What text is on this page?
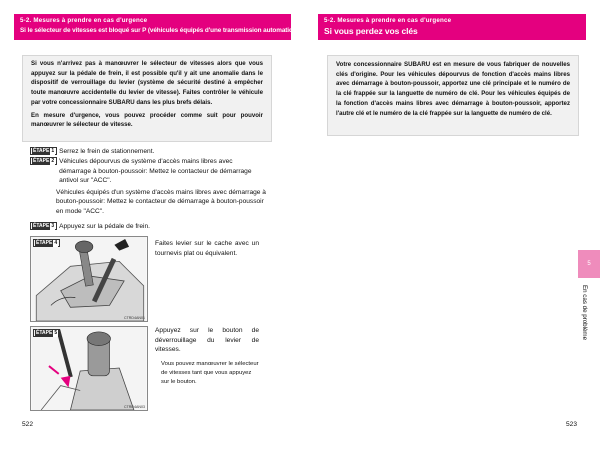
5-2. Mesures à prendre en cas d'urgence
Si le sélecteur de vitesses est bloqué sur P (véhicules équipés d'une transmission automatique)

Si vous n'arrivez pas à manœuvrer le sélecteur de vitesses alors que vous appuyez sur la pédale de frein, il est possible qu'il y ait une anomalie dans le dispositif de verrouillage du levier (système de sécurité destiné à empêcher toute manœuvre accidentelle du levier de vitesse). Faites contrôler le véhicule par votre concessionnaire SUBARU dans les plus brefs délais.

En mesure d'urgence, vous pouvez procéder comme suit pour pouvoir manœuvrer le sélecteur de vitesse.

ÉTAPE 1 Serrez le frein de stationnement.
ÉTAPE 2 Véhicules dépourvus de système d'accès mains libres avec démarrage à bouton-poussoir: Mettez le contacteur de démarrage antivol sur "ACC".
Véhicules équipés d'un système d'accès mains libres avec démarrage à bouton-poussoir: Mettez le contacteur de démarrage à bouton-poussoir en mode "ACC".
ÉTAPE 3 Appuyez sur la pédale de frein.
ÉTAPE 4
CTRD4AN01
Faites levier sur le cache avec un tournevis plat ou équivalent.
ÉTAPE 5
CTRD4AN03
Appuyez sur le bouton de déverrouillage du levier de vitesses.
Vous pouvez manœuvrer le sélecteur de vitesses tant que vous appuyez sur le bouton.
522
5-2. Mesures à prendre en cas d'urgence
Si vous perdez vos clés

Votre concessionnaire SUBARU est en mesure de vous fabriquer de nouvelles clés d'origine. Pour les véhicules dépourvus de fonction d'accès mains libres avec démarrage à bouton-poussoir, apportez une clé principale et le numéro de la clé frappée sur la languette de numéro de clé. Pour les véhicules équipés de la fonction d'accès mains libres avec démarrage à bouton-poussoir, apportez l'autre clé et le numéro de la clé frappée sur la languette de numéro de clé.

5
En cas de problème
523
